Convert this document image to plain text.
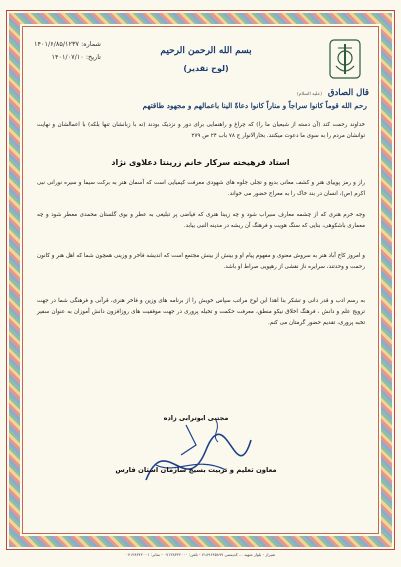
شماره: ۱۴۰۱/۶/۸۵/۱۲۳۷
تاریخ: ۱۴۰۱/۰۷/۱۰
بسم الله الرحمن الرحیم
(لوح تقدیر)
قال الصادق (علیه السلام)
رحم الله قوماً کانوا سراجاً و مناراً کانوا دعاةً الینا باعمالهم و مجهود طاقتهم
خداوند رحمت کند (آن دسته از شیعیان ما را) که چراغ و راهنمایی برای دور و نزدیک بودند (نه با زبانشان تنها بلکه) با اعمالشان و نهایت توانشان مردم را به سوی ما دعوت میکنند. بحارالانوار ج ۷۸ باب ۲۴ ص ۲۷۹
استاد فرهیخته سرکار خانم زرینتا دعلاوی نژاد
راز و رمز پوییای هنر و کشف معانی بدیع و تجلی جلوه های شهودی معرفت کیمیایی است که آسمان هنر به برکت سیما و سیره نورانی نبی اکرم (ص)، انسان در بند خاک را به معراج حضور می خواند.
وجه خرم هنری که از چشمه معارف سیراب شود و چه زیبنا هنری که فیاضی پر تبلیغی به عطر و بوی گلستان محمدی معطر شود و چه معماری باشکوهی، بنایی که سنگ هویت و فرهنگ آن ریشه در مدینه النبی بیابد.
و امروز کاخ آباد هنر به سروش معنوی و مفهوم پیام او و بینش از بینش مجتمع است که اندیشه فاخر و وزینی همچون شما که اهل هنر و کانون رحمت و وحدتند، سرایره ناز نقشی از رهپویی صراط او باشد.
به رسم ادب و قدر دانی و تشکر بنا اهدا این لوح مراتب سپاس خویش را از برنامه های وزین و فاخر هنری، قرآنی و فرهنگی شما در جهت ترویج علم و دانش ، فرهنگ اخلاق نیکو منطق، معرفت حکمت و تخیله پروری در جهت موفقیت های روزافزون دانش آموزان به عنوان سفیر تخبه پروری، تقدیم حضور گرمتان می کنم.
مجتبی ابوترابی زاده
معاون تعلیم و تربیت بسیج سازمان استان فارس
شیراز - بلوار شهید ... کدپستی ۷۱۸۹۶۴۵۸۹۷ - تلفن: ۰۷۱۳۸۳۴۲۰۰۰ - نمابر: ۰۷۱۳۸۳۴۲۰۰۱
